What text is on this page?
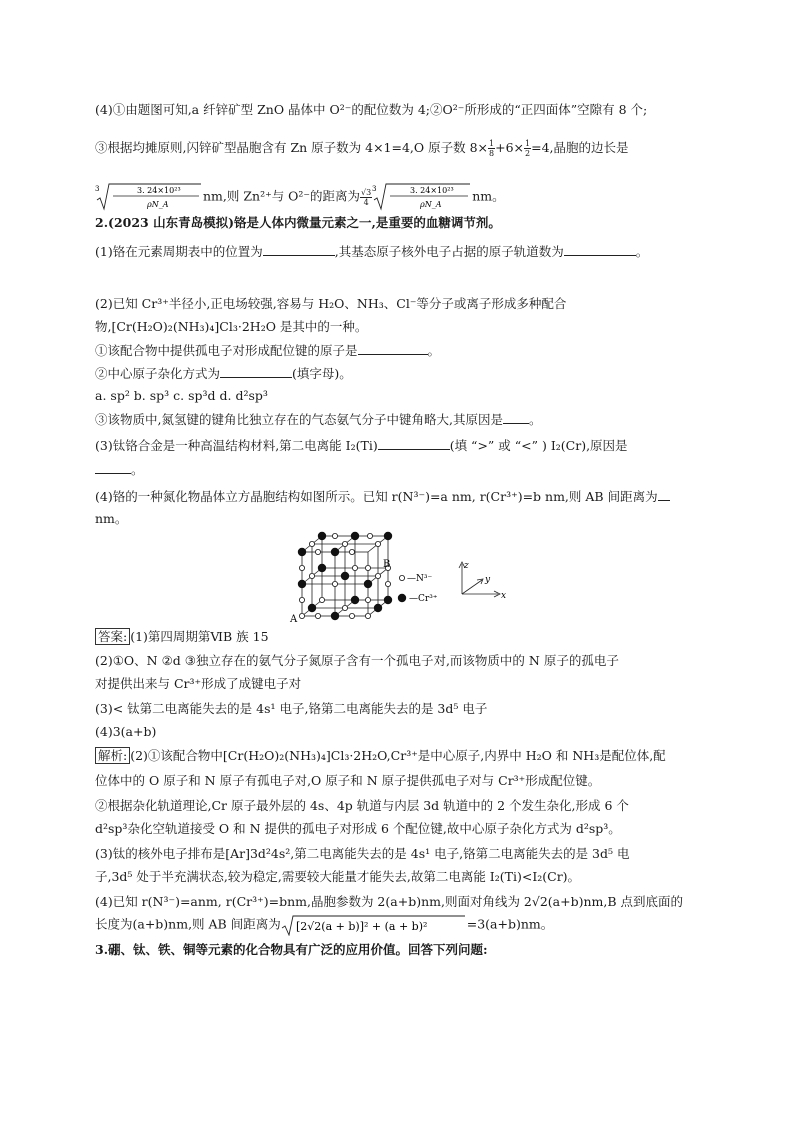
(4)①由题图可知,a 纤锌矿型 ZnO 晶体中 O²⁻的配位数为 4;②O²⁻所形成的“正四面体”空隙有 8 个;
③根据均摊原则,闪锌矿型晶胞含有 Zn 原子数为 4×1=4,O 原子数 $8\times \frac{1}{8} +6\times \frac{1}{2} =4$,晶胞的边长是
3	3. 24×10²³
ρN_A
nm,则 Zn²⁺与 O²⁻的距离为 $\frac{√3}{4} 3$	3. 24×10²³
ρN_A
nm。
2.(2023 山东青岛模拟)铬是人体内微量元素之一,是重要的血糖调节剂。
(1)铬在元素周期表中的位置为	,其基态原子核外电子占据的原子轨道数为	。
(2)已知 Cr³⁺半径小,正电场较强,容易与 H₂O、NH₃、Cl⁻等分子或离子形成多种配合
物,[Cr(H₂O)₂(NH₃)₄]Cl₃·2H₂O 是其中的一种。
①该配合物中提供孤电子对形成配位键的原子是	。
②中心原子杂化方式为	(填字母)。
a. sp² b. sp³ c. sp³d d. d²sp³
③该物质中,氮氢键的键角比独立存在的气态氨气分子中键角略大,其原因是 。
(3)钛铬合金是一种高温结构材料,第二电离能 I₂(Ti)	(填 “>” 或 “<” ) I₂(Cr),原因是
。
(4)铬的一种氮化物晶体立方晶胞结构如图所示。已知 r(N³⁻)=a nm, r(Cr³⁺)=b nm,则 AB 间距离为
nm。
A
B
—N³⁻
—Cr³⁺
z
y
x
答案: (1)第四周期第ⅥB 族 15
(2)①O、N ②d ③独立存在的氨气分子氮原子含有一个孤电子对,而该物质中的 N 原子的孤电子
对提供出来与 Cr³⁺形成了成键电子对
(3)< 钛第二电离能失去的是 4s¹ 电子,铬第二电离能失去的是 3d⁵ 电子
(4)3(a+b)
解析: (2)①该配合物中[Cr(H₂O)₂(NH₃)₄]Cl₃·2H₂O,Cr³⁺是中心原子,内界中 H₂O 和 NH₃是配位体,配
位体中的 O 原子和 N 原子有孤电子对,O 原子和 N 原子提供孤电子对与 Cr³⁺形成配位键。
②根据杂化轨道理论,Cr 原子最外层的 4s、4p 轨道与内层 3d 轨道中的 2 个发生杂化,形成 6 个
d²sp³杂化空轨道接受 O 和 N 提供的孤电子对形成 6 个配位键,故中心原子杂化方式为 d²sp³。
(3)钛的核外电子排布是[Ar]3d²4s²,第二电离能失去的是 4s¹ 电子,铬第二电离能失去的是 3d⁵ 电
子,3d⁵ 处于半充满状态,较为稳定,需要较大能量才能失去,故第二电离能 I₂(Ti)<I₂(Cr)。
(4)已知 r(N³⁻)=anm, r(Cr³⁺)=bnm,晶胞参数为 2(a+b)nm,则面对角线为 2√2(a+b)nm,B 点到底面的
长度为(a+b)nm,则 AB 间距离为 [2√2(a + b)]² + (a + b)²	=3(a+b)nm。
3.硼、钛、铁、铜等元素的化合物具有广泛的应用价值。回答下列问题:
